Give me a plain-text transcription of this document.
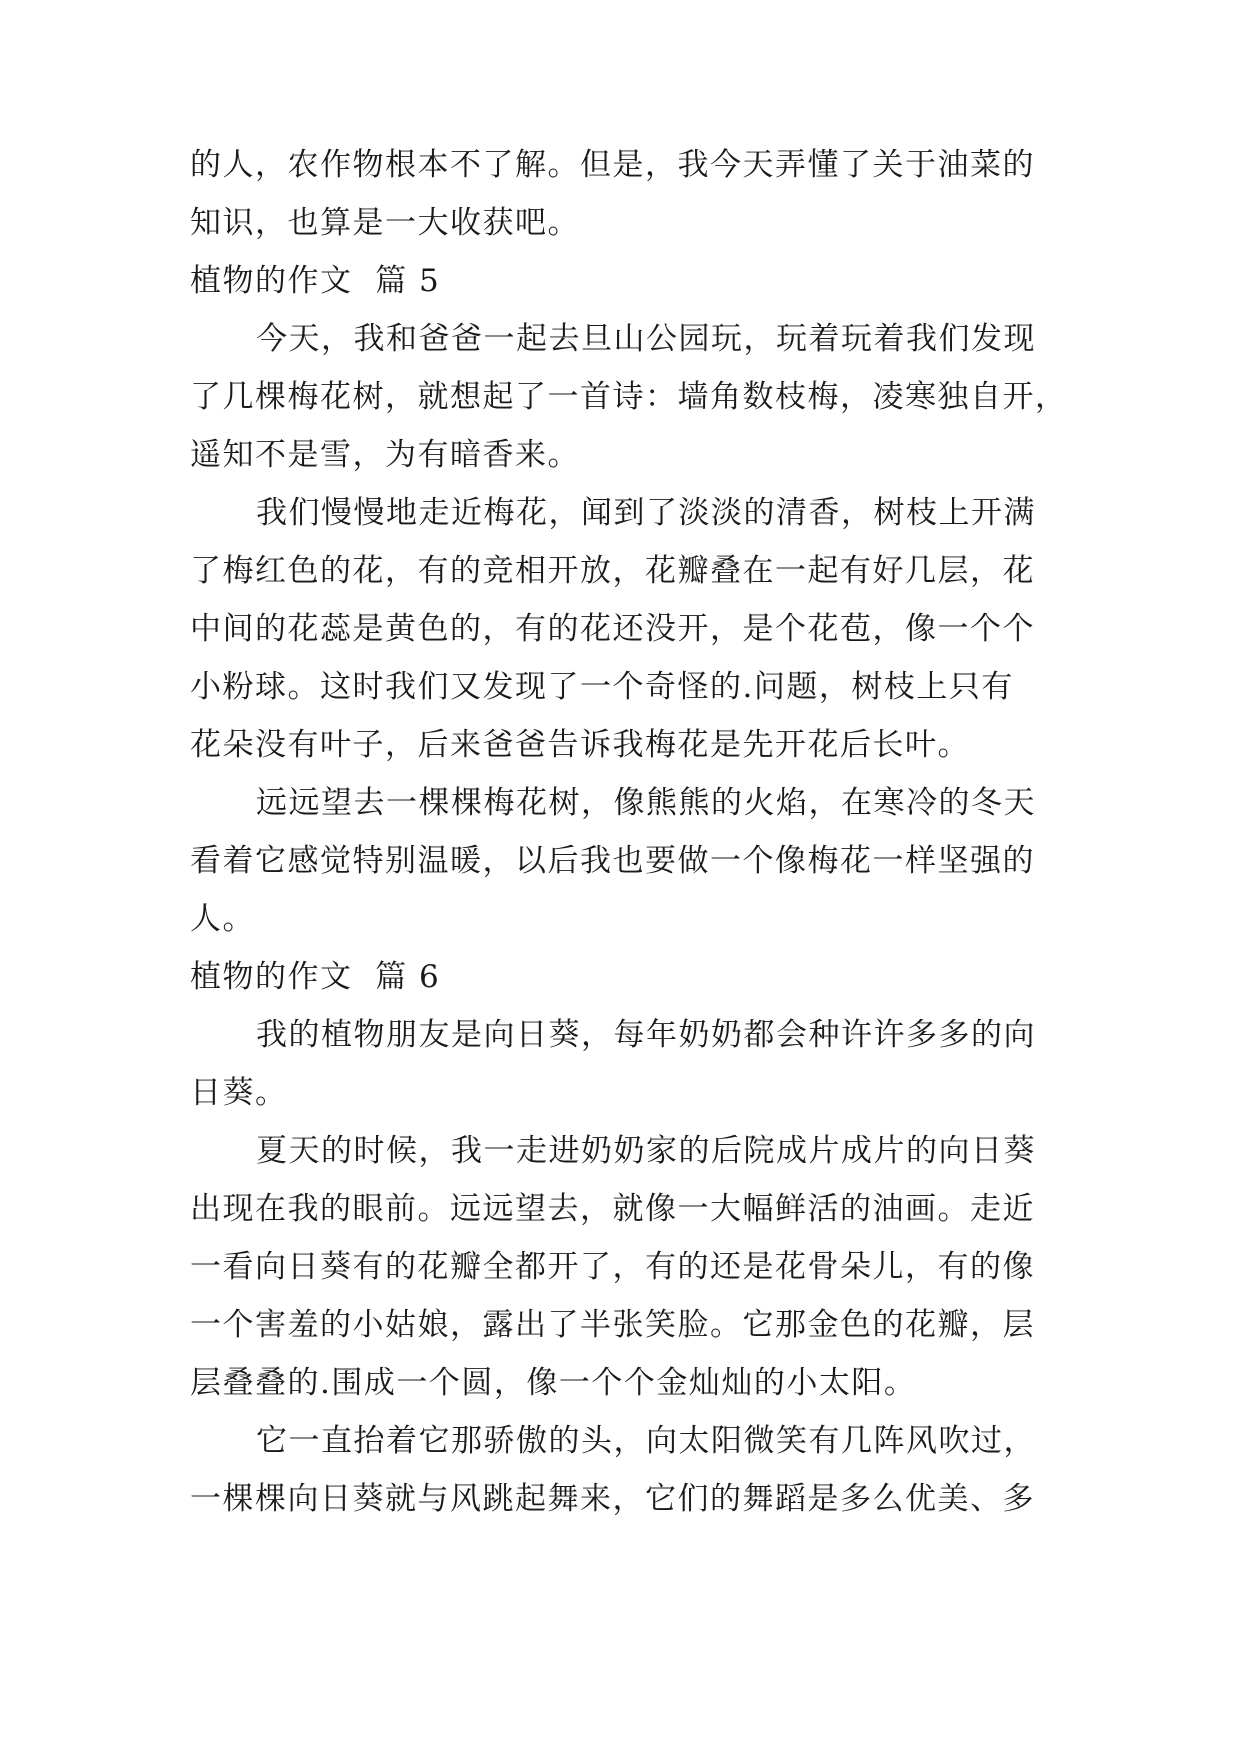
的人，农作物根本不了解。但是，我今天弄懂了关于油菜的
知识，也算是一大收获吧。
植物的作文  篇 5
今天，我和爸爸一起去旦山公园玩，玩着玩着我们发现
了几棵梅花树，就想起了一首诗：墙角数枝梅，凌寒独自开，
遥知不是雪，为有暗香来。
我们慢慢地走近梅花，闻到了淡淡的清香，树枝上开满
了梅红色的花，有的竞相开放，花瓣叠在一起有好几层，花
中间的花蕊是黄色的，有的花还没开，是个花苞，像一个个
小粉球。这时我们又发现了一个奇怪的.问题，树枝上只有
花朵没有叶子，后来爸爸告诉我梅花是先开花后长叶。
远远望去一棵棵梅花树，像熊熊的火焰，在寒冷的冬天
看着它感觉特别温暖，以后我也要做一个像梅花一样坚强的
人。
植物的作文  篇 6
我的植物朋友是向日葵，每年奶奶都会种许许多多的向
日葵。
夏天的时候，我一走进奶奶家的后院成片成片的向日葵
出现在我的眼前。远远望去，就像一大幅鲜活的油画。走近
一看向日葵有的花瓣全都开了，有的还是花骨朵儿，有的像
一个害羞的小姑娘，露出了半张笑脸。它那金色的花瓣，层
层叠叠的.围成一个圆，像一个个金灿灿的小太阳。
它一直抬着它那骄傲的头，向太阳微笑有几阵风吹过，
一棵棵向日葵就与风跳起舞来，它们的舞蹈是多么优美、多
